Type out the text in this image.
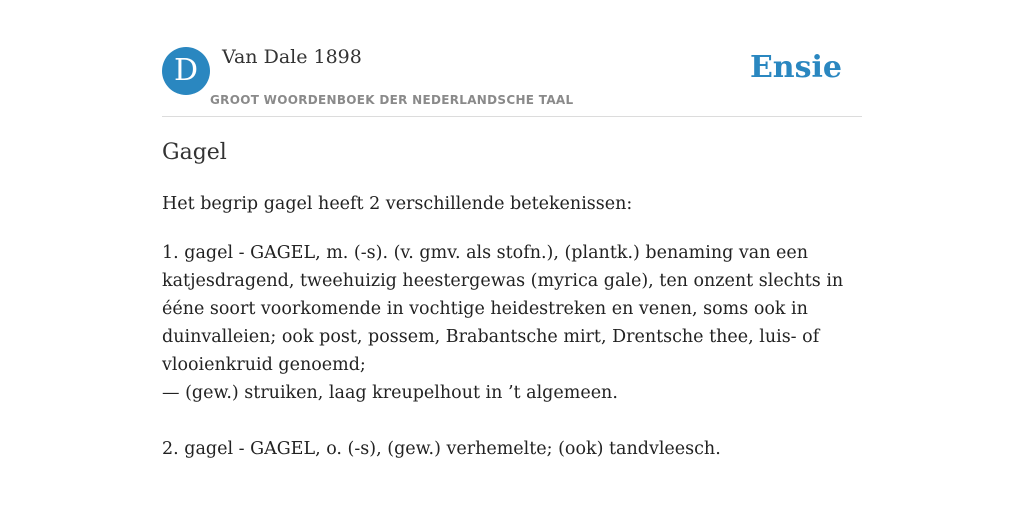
D	Van Dale 1898
GROOT WOORDENBOEK DER NEDERLANDSCHE TAAL
Ensie
Gagel
Het begrip gagel heeft 2 verschillende betekenissen:

1. gagel - GAGEL, m. (-s). (v. gmv. als stofn.), (plantk.) benaming van een katjesdragend, tweehuizig heestergewas (myrica gale), ten onzent slechts in ééne soort voorkomende in vochtige heidestreken en venen, soms ook in duinvalleien; ook post, possem, Brabantsche mirt, Drentsche thee, luis- of vlooienkruid genoemd;
— (gew.) struiken, laag kreupelhout in ’t algemeen.

2. gagel - GAGEL, o. (-s), (gew.) verhemelte; (ook) tandvleesch.
